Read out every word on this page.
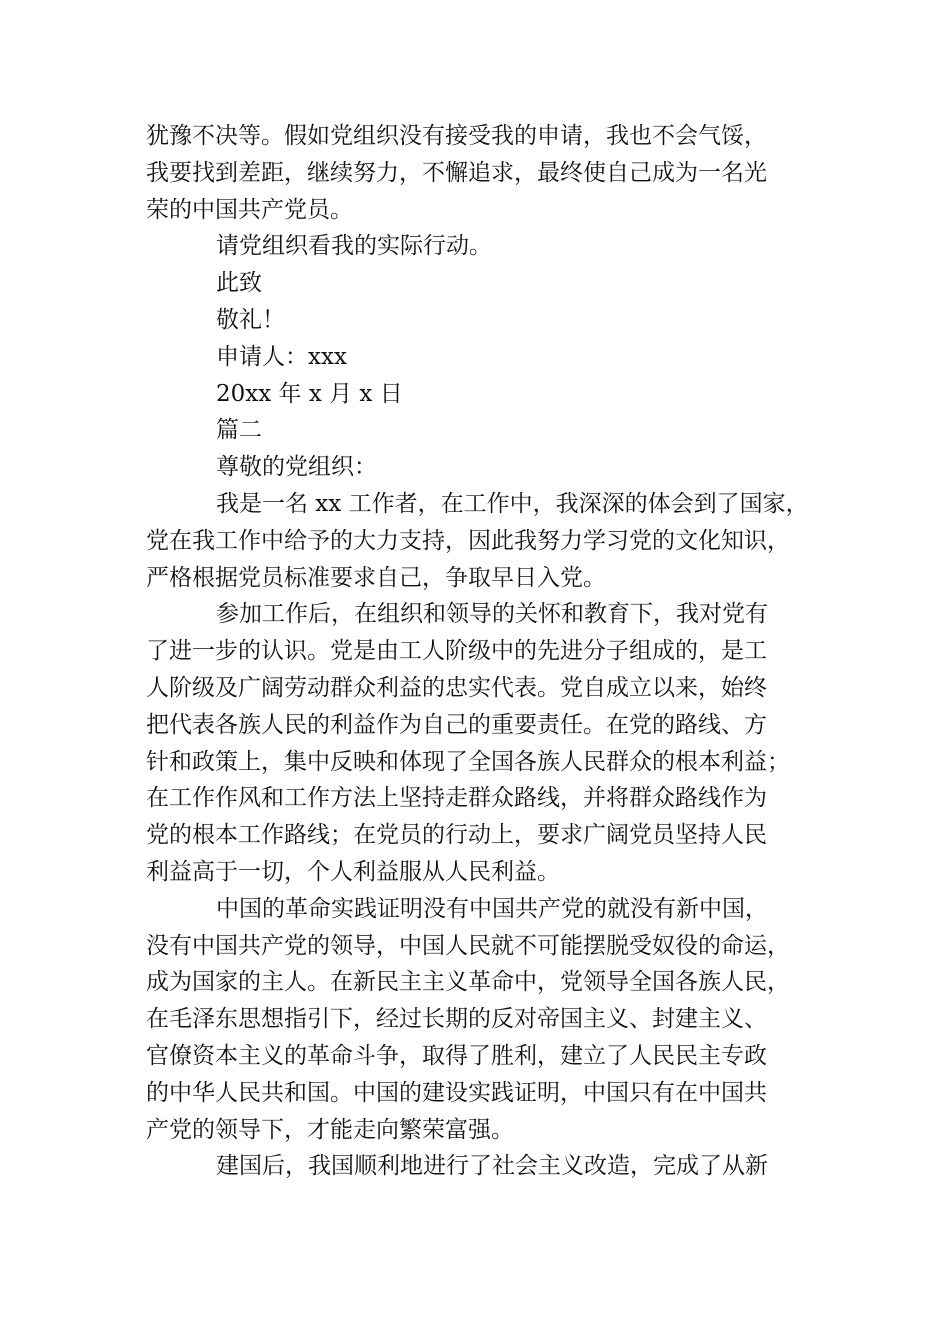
犹豫不决等。假如党组织没有接受我的申请，我也不会气馁，
我要找到差距，继续努力，不懈追求，最终使自己成为一名光
荣的中国共产党员。
请党组织看我的实际行动。
此致
敬礼！
申请人：xxx
20xx 年 x 月 x 日
篇二
尊敬的党组织：
我是一名 xx 工作者，在工作中，我深深的体会到了国家，
党在我工作中给予的大力支持，因此我努力学习党的文化知识，
严格根据党员标准要求自己，争取早日入党。
参加工作后，在组织和领导的关怀和教育下，我对党有
了进一步的认识。党是由工人阶级中的先进分子组成的，是工
人阶级及广阔劳动群众利益的忠实代表。党自成立以来，始终
把代表各族人民的利益作为自己的重要责任。在党的路线、方
针和政策上，集中反映和体现了全国各族人民群众的根本利益；
在工作作风和工作方法上坚持走群众路线，并将群众路线作为
党的根本工作路线；在党员的行动上，要求广阔党员坚持人民
利益高于一切，个人利益服从人民利益。
中国的革命实践证明没有中国共产党的就没有新中国，
没有中国共产党的领导，中国人民就不可能摆脱受奴役的命运，
成为国家的主人。在新民主主义革命中，党领导全国各族人民，
在毛泽东思想指引下，经过长期的反对帝国主义、封建主义、
官僚资本主义的革命斗争，取得了胜利，建立了人民民主专政
的中华人民共和国。中国的建设实践证明，中国只有在中国共
产党的领导下，才能走向繁荣富强。
建国后，我国顺利地进行了社会主义改造，完成了从新
